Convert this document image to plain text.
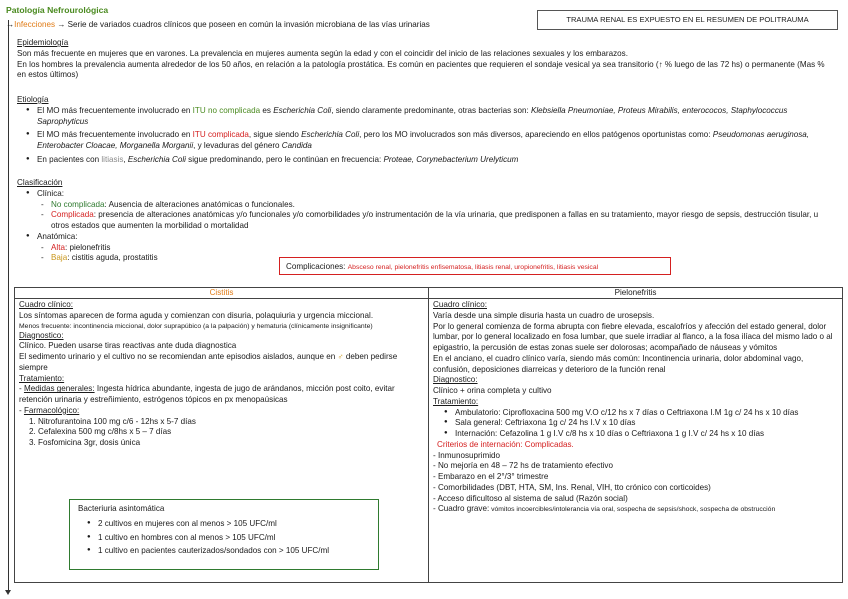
Patología Nefrourológica
TRAUMA RENAL ES EXPUESTO EN EL RESUMEN DE POLITRAUMA
→Infecciones → Serie de variados cuadros clínicos que poseen en común la invasión microbiana de las vías urinarias
Epidemiología
Son más frecuente en mujeres que en varones. La prevalencia en mujeres aumenta según la edad y con el coincidir del inicio de las relaciones sexuales y los embarazos.
En los hombres la prevalencia aumenta alrededor de los 50 años, en relación a la patología prostática. Es común en pacientes que requieren el sondaje vesical ya sea transitorio (↑ % luego de las 72 hs) o permanente (Mas % en estos últimos)
Etiología
● El MO más frecuentemente involucrado en ITU no complicada es Escherichia Coli, siendo claramente predominante, otras bacterias son: Klebsiella Pneumoniae, Proteus Mirabilis, enterococos, Staphylococcus Saprophyticus
● El MO más frecuentemente involucrado en ITU complicada, sigue siendo Escherichia Coli, pero los MO involucrados son más diversos, apareciendo en ellos patógenos oportunistas como: Pseudomonas aeruginosa, Enterobacter Cloacae, Morganella Morganii, y levaduras del género Candida
● En pacientes con litiasis, Escherichia Coli sigue predominando, pero le continúan en frecuencia: Proteae, Corynebacterium Urelyticum
Clasificación
● Clínica:
- No complicada: Ausencia de alteraciones anatómicas o funcionales.
- Complicada: presencia de alteraciones anatómicas y/o funcionales y/o comorbilidades y/o instrumentación de la vía urinaria, que predisponen a fallas en su tratamiento, mayor riesgo de sepsis, destrucción tisular, u otros estados que aumenten la morbilidad o mortalidad
● Anatómica:
- Alta: pielonefritis
- Baja: cistitis aguda, prostatitis
Complicaciones: Absceso renal, pielonefritis enfisematosa, litiasis renal, uropionefritis, litiasis vesical
Cistitis	Pielonefritis
Cuadro clínico:
Los síntomas aparecen de forma aguda y comienzan con disuria, polaquiuria y urgencia miccional.
Menos frecuente: incontinencia miccional, dolor suprapúbico (a la palpación) y hematuria (clínicamente insignificante)
Diagnostico:
Clínico. Pueden usarse tiras reactivas ante duda diagnostica
El sedimento urinario y el cultivo no se recomiendan ante episodios aislados, aunque en ♂ deben pedirse siempre
Tratamiento:
- Medidas generales: Ingesta hídrica abundante, ingesta de jugo de arándanos, micción post coito, evitar retención urinaria y estreñimiento, estrógenos tópicos en px menopaúsicas
- Farmacológico:
1. Nitrofurantoina 100 mg c/6 - 12hs x 5-7 días
2. Cefalexina 500 mg c/8hs x 5 – 7 días
3. Fosfomicina 3gr, dosis única
Bacteriuria asintomática
● 2 cultivos en mujeres con al menos > 105 UFC/ml
● 1 cultivo en hombres con al menos > 105 UFC/ml
● 1 cultivo en pacientes cauterizados/sondados con > 105 UFC/ml
Cuadro clínico:
Varía desde una simple disuria hasta un cuadro de urosepsis.
Por lo general comienza de forma abrupta con fiebre elevada, escalofríos y afección del estado general, dolor lumbar, por lo general localizado en fosa lumbar, que suele irradiar al flanco, a la fosa ilíaca del mismo lado o al epigastrio, la percusión de estas zonas suele ser dolorosas; acompañado de náuseas y vómitos
En el anciano, el cuadro clínico varía, siendo más común: Incontinencia urinaria, dolor abdominal vago, confusión, deposiciones diarreicas y deterioro de la función renal
Diagnostico:
Clínico + orina completa y cultivo
Tratamiento:
● Ambulatorio: Ciprofloxacina 500 mg V.O c/12 hs x 7 días o Ceftriaxona I.M 1g c/ 24 hs x 10 días
● Sala general: Ceftriaxona 1g c/ 24 hs I.V x 10 días
● Internación: Cefazolina 1 g I.V c/8 hs x 10 días o Ceftriaxona 1 g I.V c/ 24 hs x 10 días
Criterios de internación: Complicadas.
- Inmunosuprimido
- No mejoría en 48 – 72 hs de tratamiento efectivo
- Embarazo en el 2°/3° trimestre
- Comorbilidades (DBT, HTA, SM, Ins. Renal, VIH, tto crónico con corticoides)
- Acceso dificultoso al sistema de salud (Razón social)
- Cuadro grave: vómitos incoercibles/intolerancia vía oral, sospecha de sepsis/shock, sospecha de obstrucción
